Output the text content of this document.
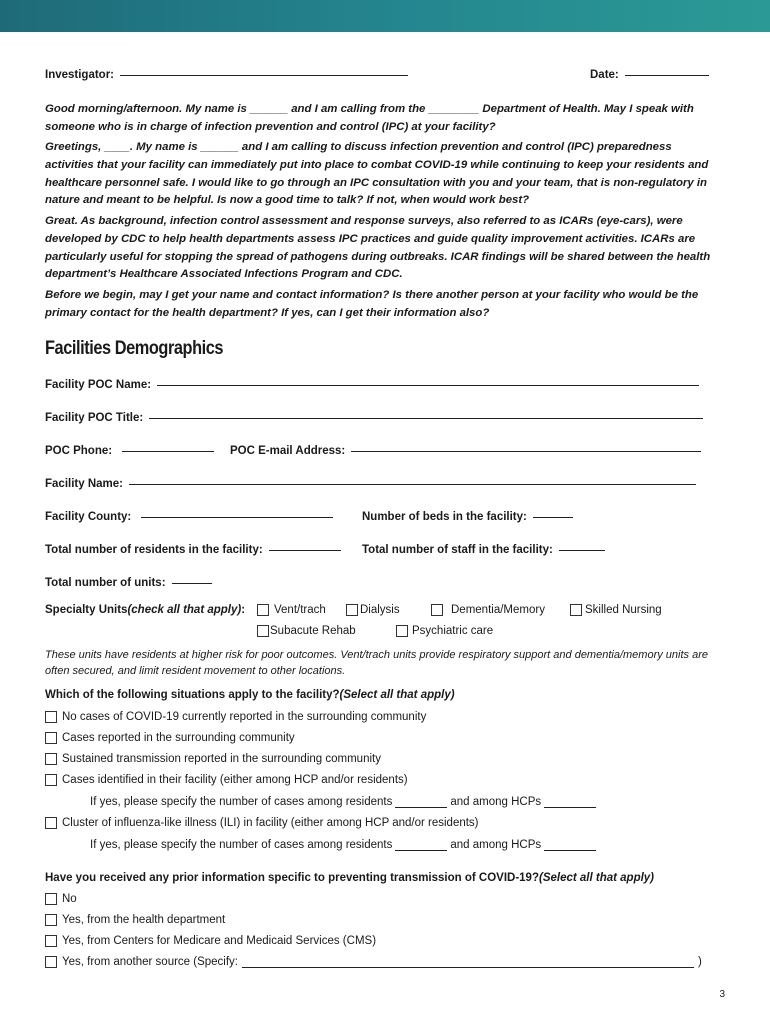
Investigator:	Date:
Good morning/afternoon. My name is ______ and I am calling from the ________ Department of Health. May I speak with someone who is in charge of infection prevention and control (IPC) at your facility?
Greetings, ____. My name is ______ and I am calling to discuss infection prevention and control (IPC) preparedness activities that your facility can immediately put into place to combat COVID-19 while continuing to keep your residents and healthcare personnel safe. I would like to go through an IPC consultation with you and your team, that is non-regulatory in nature and meant to be helpful. Is now a good time to talk? If not, when would work best?
Great. As background, infection control assessment and response surveys, also referred to as ICARs (eye-cars), were developed by CDC to help health departments assess IPC practices and guide quality improvement activities. ICARs are particularly useful for stopping the spread of pathogens during outbreaks. ICAR findings will be shared between the health department’s Healthcare Associated Infections Program and CDC.
Before we begin, may I get your name and contact information? Is there another person at your facility who would be the primary contact for the health department? If yes, can I get their information also?
Facilities Demographics
Facility POC Name:
Facility POC Title:
POC Phone:	POC E-mail Address:
Facility Name:
Facility County:	Number of beds in the facility:
Total number of residents in the facility:	Total number of staff in the facility:
Total number of units:
Specialty Units (check all that apply) :	Vent/trach	Dialysis	Dementia/Memory	Skilled Nursing
Subacute Rehab	Psychiatric care
These units have residents at higher risk for poor outcomes. Vent/trach units provide respiratory support and dementia/memory units are often secured, and limit resident movement to other locations.
Which of the following situations apply to the facility? (Select all that apply)
No cases of COVID-19 currently reported in the surrounding community
Cases reported in the surrounding community
Sustained transmission reported in the surrounding community
Cases identified in their facility (either among HCP and/or residents)
If yes, please specify the number of cases among residents	and among HCPs
Cluster of influenza-like illness (ILI) in facility (either among HCP and/or residents)
If yes, please specify the number of cases among residents	and among HCPs
Have you received any prior information specific to preventing transmission of COVID-19? (Select all that apply)
No
Yes, from the health department
Yes, from Centers for Medicare and Medicaid Services (CMS)
Yes, from another source (Specify:	)
3
